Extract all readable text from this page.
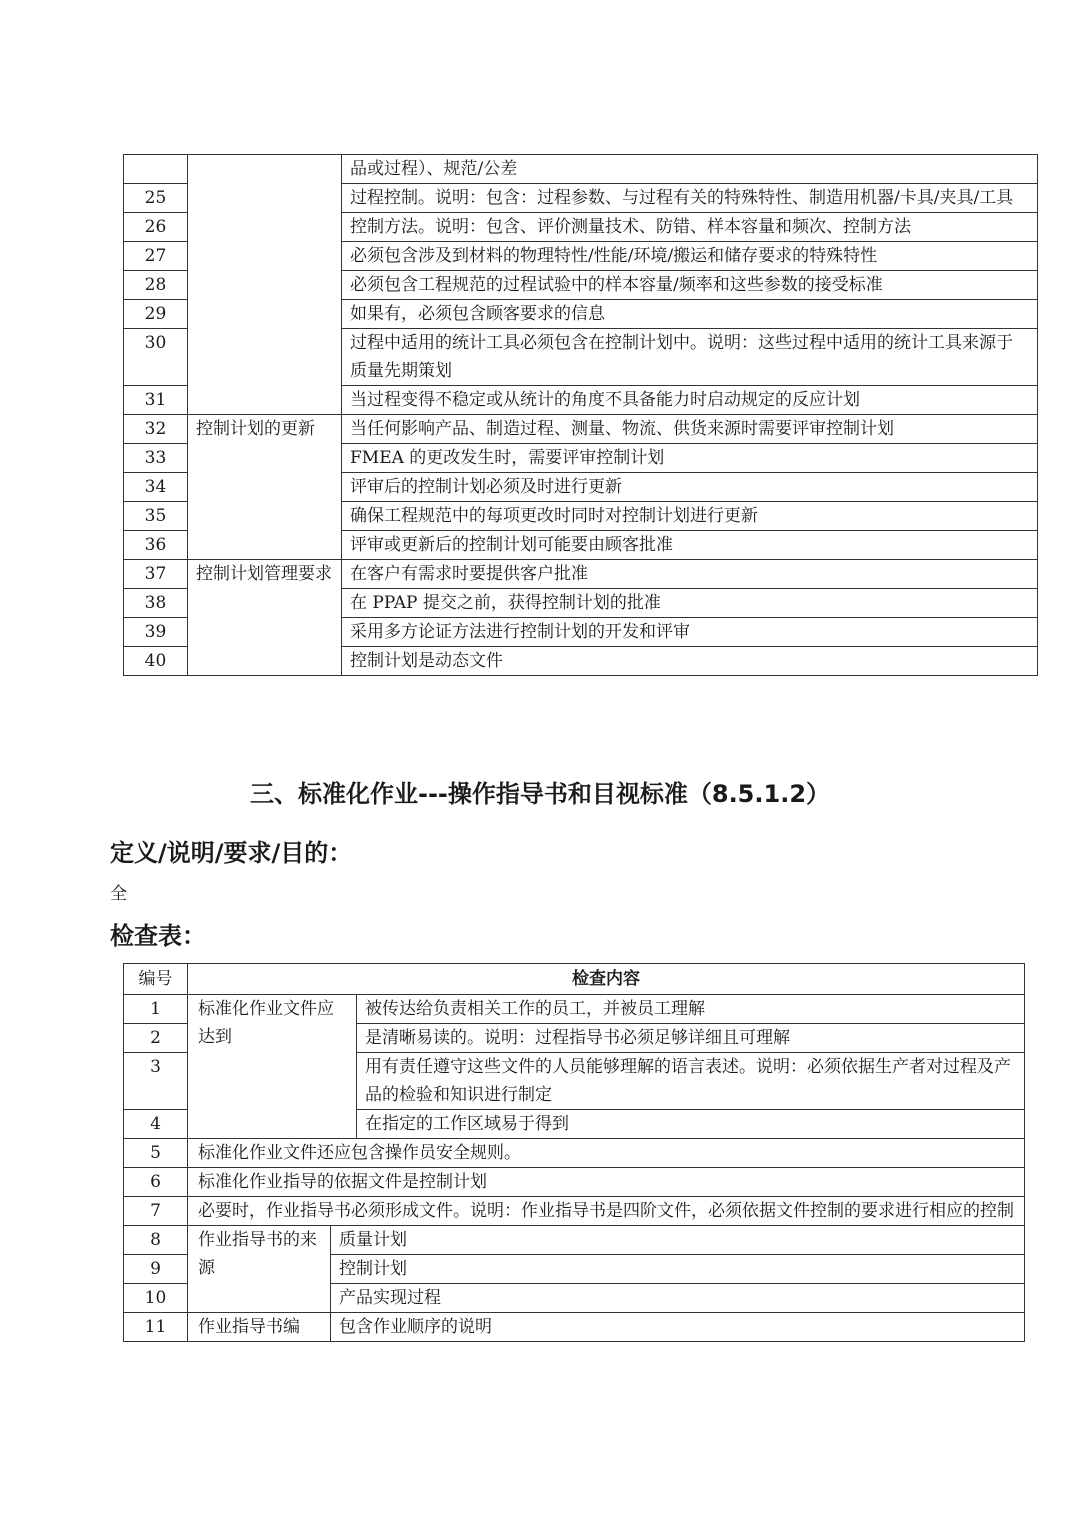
		品或过程）、规范/公差
25		过程控制。说明：包含：过程参数、与过程有关的特殊特性、制造用机器/卡具/夹具/工具
26		控制方法。说明：包含、评价测量技术、防错、样本容量和频次、控制方法
27		必须包含涉及到材料的物理特性/性能/环境/搬运和储存要求的特殊特性
28		必须包含工程规范的过程试验中的样本容量/频率和这些参数的接受标准
29		如果有，必须包含顾客要求的信息
30		过程中适用的统计工具必须包含在控制计划中。说明：这些过程中适用的统计工具来源于质量先期策划
31		当过程变得不稳定或从统计的角度不具备能力时启动规定的反应计划
32	控制计划的更新	当任何影响产品、制造过程、测量、物流、供货来源时需要评审控制计划
33		FMEA 的更改发生时，需要评审控制计划
34		评审后的控制计划必须及时进行更新
35		确保工程规范中的每项更改时同时对控制计划进行更新
36		评审或更新后的控制计划可能要由顾客批准
37	控制计划管理要求	在客户有需求时要提供客户批准
38		在 PPAP 提交之前，获得控制计划的批准
39		采用多方论证方法进行控制计划的开发和评审
40		控制计划是动态文件
三、标准化作业---操作指导书和目视标准（8.5.1.2）
定义/说明/要求/目的：
全
检查表：
编号	检查内容		
1	标准化作业文件应达到		被传达给负责相关工作的员工，并被员工理解
2			是清晰易读的。说明：过程指导书必须足够详细且可理解
3			用有责任遵守这些文件的人员能够理解的语言表述。说明：必须依据生产者对过程及产品的检验和知识进行制定
4			在指定的工作区域易于得到
5	标准化作业文件还应包含操作员安全规则。		
6	标准化作业指导的依据文件是控制计划		
7	必要时，作业指导书必须形成文件。说明：作业指导书是四阶文件，必须依据文件控制的要求进行相应的控制		
8	作业指导书的来源	质量计划	
9		控制计划	
10		产品实现过程	
11	作业指导书编	包含作业顺序的说明	
